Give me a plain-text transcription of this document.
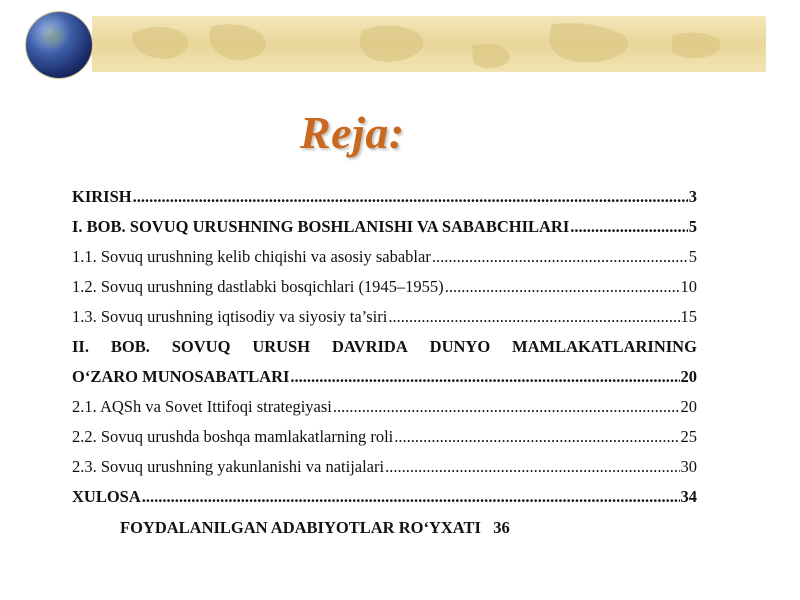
Reja:
KIRISH .....	3
I. BOB. SOVUQ URUSHNING BOSHLANISHI VA SABABCHILARI .....	5
1.1. Sovuq urushning kelib chiqishi va asosiy sabablar .....	5
1.2. Sovuq urushning dastlabki bosqichlari (1945–1955) .....	10
1.3. Sovuq urushning iqtisodiy va siyosiy ta’siri .....	15
II. BOB. SOVUQ URUSH DAVRIDA DUNYO MAMLAKATLARINING
O‘ZARO MUNOSABATLARI .....	20
2.1. AQSh va Sovet Ittifoqi strategiyasi .....	20
2.2. Sovuq urushda boshqa mamlakatlarning roli .....	25
2.3. Sovuq urushning yakunlanishi va natijalari .....	30
XULOSA .....	34
FOYDALANILGAN ADABIYOTLAR RO‘YXATI 36
